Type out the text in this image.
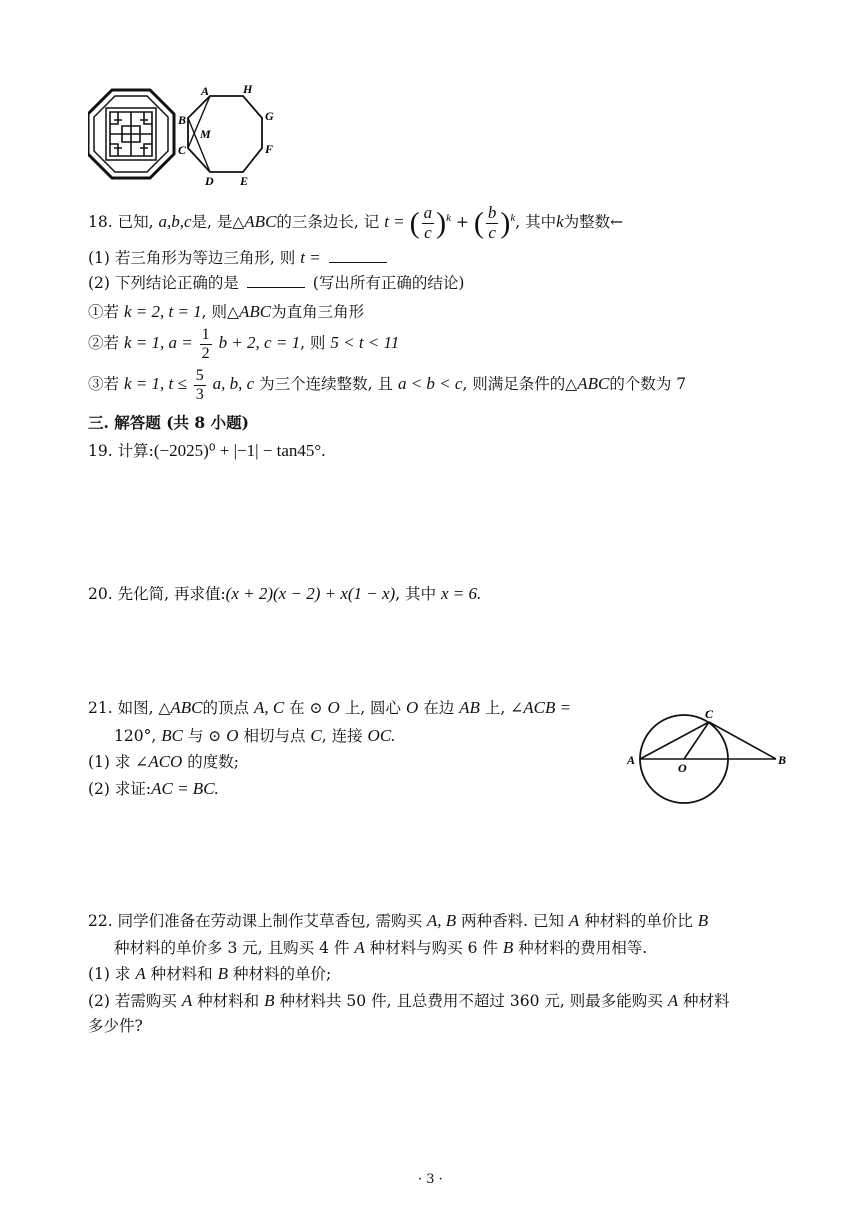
A	H
G
F
E
D
C
B
M
18. 已知, a,b,c是, 是△ABC的三条边长, 记 t = ( $\frac{a}{c} )^k$ + ( $\frac{b}{c} )^k$, 其中k为整数←
(1) 若三角形为等边三角形, 则 t =
(2) 下列结论正确的是	(写出所有正确的结论)
①若 k = 2, t = 1, 则△ABC为直角三角形
②若 k = 1, $a = \frac{1}{2}$ b + 2, c = 1, 则 5 < t < 11
③若 k = 1, $t \le \frac{5}{3} a$, b, c 为三个连续整数, 且 a < b < c, 则满足条件的△ABC的个数为 7
三. 解答题 (共 8 小题)
19. 计算:(−2025)⁰ + |−1| − tan45°.
20. 先化简, 再求值:(x + 2)(x − 2) + x(1 − x), 其中 x = 6.
21. 如图, △ABC的顶点 A, C 在 ⊙ O 上, 圆心 O 在边 AB 上, ∠ACB =
120°, BC 与 ⊙ O 相切与点 C, 连接 OC.
(1) 求 ∠ACO 的度数;
(2) 求证:AC = BC.
A
O
C
B
22. 同学们准备在劳动课上制作艾草香包, 需购买 A, B 两种香料. 已知 A 种材料的单价比 B
种材料的单价多 3 元, 且购买 4 件 A 种材料与购买 6 件 B 种材料的费用相等.
(1) 求 A 种材料和 B 种材料的单价;
(2) 若需购买 A 种材料和 B 种材料共 50 件, 且总费用不超过 360 元, 则最多能购买 A 种材料
多少件?
· 3 ·
